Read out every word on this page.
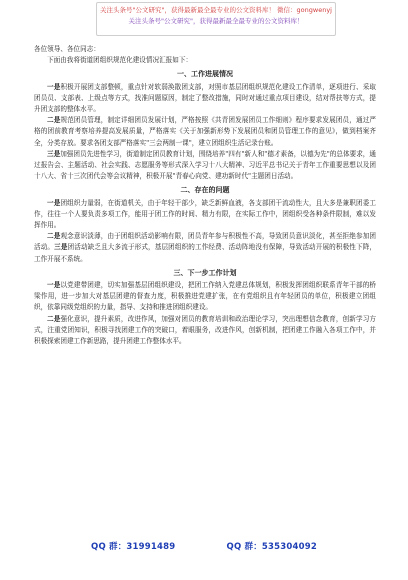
关注头条号"公文研究"，获得最新最全最专业的公文资料库！ 微信：gongwenyj
关注头条号"公文研究"，获得最新最全最专业的公文资料库！

各位领导、各位同志：

下面由我将街道团组织规范化建设情况汇报如下：

一、工作进展情况

一是积极开展团支部整顿，重点针对软弱涣散团支部，对照市基层团组织规范化建设工作清单，逐项进行、采取团员员、支部表、上级点等方式，找准问题原因，制定了整改措施，同时对通过重点项目建设，结对帮扶等方式，提升团支部的整体水平。

二是规范团员管理，制定详细团员发展计划，严格按照《共青团发展团员工作细则》程序要求发展团员，通过严格的团前教育考察培养提高发展质量，严格落实《关于加强新形势下发展团员和团员管理工作的意见》，做到档案齐全，分类存放。要求各团支部严格落实"三会两制一课"，建立团组织生活记录台账。

三是加强团员先进性学习，街道制定团员教育计划，围绕培养"四有"新人和"德才素备，以德为先"的总体要求，通过报告会、主题活动、社会实践、志愿服务等形式深入学习十八大精神、习近平总书记关于青年工作重要思想以及团十八大、省十三次团代会等会议精神，积极开展"青春心向党、建功新时代"主题团日活动。

二、存在的问题

一是团组织力量弱，在街道机关，由于年轻干部少，缺乏新鲜血液，各支部团干流动性大，且大多是兼职团委工作，往往一个人要负责多项工作，能用于团工作的时间、精力有限，在实际工作中，团组织受各种条件限制，难以发挥作用。

二是观念意识淡薄，由于团组织活动影响有限，团员青年参与积极性不高，导致团员意识淡化，甚至拒绝参加团活动。三是团活动缺乏且大多流于形式，基层团组织的工作经费、活动阵地没有保障，导致活动开展的积极性下降，工作开展不系统。

三、下一步工作计划

一是以党建带团建，切实加强基层团组织建设，把团工作纳入党建总体规划，积极发挥团组织联系青年干部的桥梁作用，进一步加大对基层团建的督查力度，积极推进党建扩张，在有党组织且有年轻团员的单位，积极建立团组织，依靠同级党组织的力量，指导、支持和推进团组织建设。

二是强化意识，提升素质，改进作风，加强对团员的教育培训和政治理论学习，突出理想信念教育，创新学习方式，注重党团知识，积极寻找团建工作的突破口，着眼服务，改进作风，创新机制，把团建工作融入各项工作中，并积极探索团建工作新思路，提升团建工作整体水平。

QQ 群：31991489	QQ 群：535304092
